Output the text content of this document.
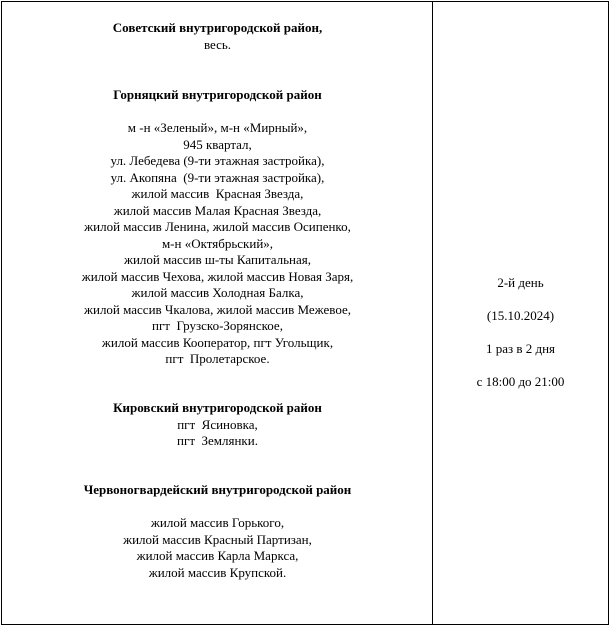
Советский внутригородской район,

весь.

Горняцкий внутригородской район

м -н «Зеленый», м-н «Мирный»,

945 квартал,

ул. Лебедева (9-ти этажная застройка),

ул. Акопяна  (9-ти этажная застройка),

жилой массив  Красная Звезда,

жилой массив Малая Красная Звезда,

жилой массив Ленина, жилой массив Осипенко,

м-н «Октябрьский»,

жилой массив ш-ты Капитальная,

жилой массив Чехова, жилой массив Новая Заря,

жилой массив Холодная Балка,

жилой массив Чкалова, жилой массив Межевое,

пгт  Грузско-Зорянское,

жилой массив Кооператор, пгт Угольщик,

пгт  Пролетарское.

Кировский внутригородской район

пгт  Ясиновка,

пгт  Землянки.

Червоногвардейский внутригородской район

жилой массив Горького,

жилой массив Красный Партизан,

жилой массив Карла Маркса,

жилой массив Крупской.

2-й день

(15.10.2024)

1 раз в 2 дня

с 18:00 до 21:00
